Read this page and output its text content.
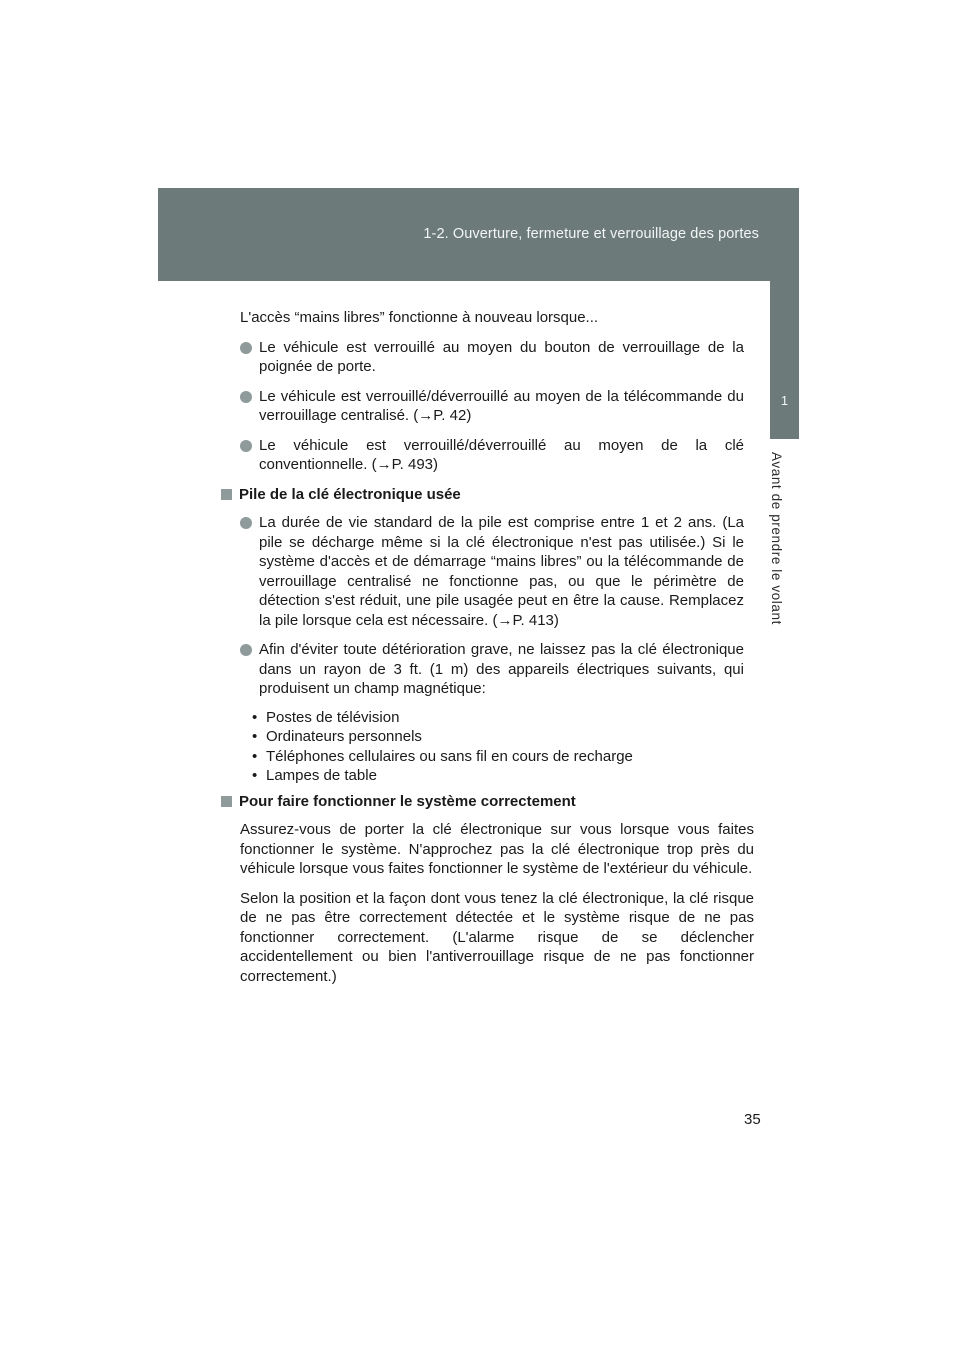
1-2. Ouverture, fermeture et verrouillage des portes
1
Avant de prendre le volant

L'accès “mains libres” fonctionne à nouveau lorsque...

Le véhicule est verrouillé au moyen du bouton de verrouillage de la poignée de porte.
Le véhicule est verrouillé/déverrouillé au moyen de la télécommande du verrouillage centralisé. (→P. 42)
Le véhicule est verrouillé/déverrouillé au moyen de la clé conventionnelle. (→P. 493)
Pile de la clé électronique usée
La durée de vie standard de la pile est comprise entre 1 et 2 ans. (La pile se décharge même si la clé électronique n'est pas utilisée.) Si le système d'accès et de démarrage “mains libres” ou la télécommande de verrouillage centralisé ne fonctionne pas, ou que le périmètre de détection s'est réduit, une pile usagée peut en être la cause. Remplacez la pile lorsque cela est nécessaire. (→P. 413)
Afin d'éviter toute détérioration grave, ne laissez pas la clé électronique dans un rayon de 3 ft. (1 m) des appareils électriques suivants, qui produisent un champ magnétique:
• Postes de télévision
• Ordinateurs personnels
• Téléphones cellulaires ou sans fil en cours de recharge
• Lampes de table
Pour faire fonctionner le système correctement

Assurez-vous de porter la clé électronique sur vous lorsque vous faites fonctionner le système. N'approchez pas la clé électronique trop près du véhicule lorsque vous faites fonctionner le système de l'extérieur du véhicule.

Selon la position et la façon dont vous tenez la clé électronique, la clé risque de ne pas être correctement détectée et le système risque de ne pas fonctionner correctement. (L'alarme risque de se déclencher accidentellement ou bien l'antiverrouillage risque de ne pas fonctionner correctement.)

35
